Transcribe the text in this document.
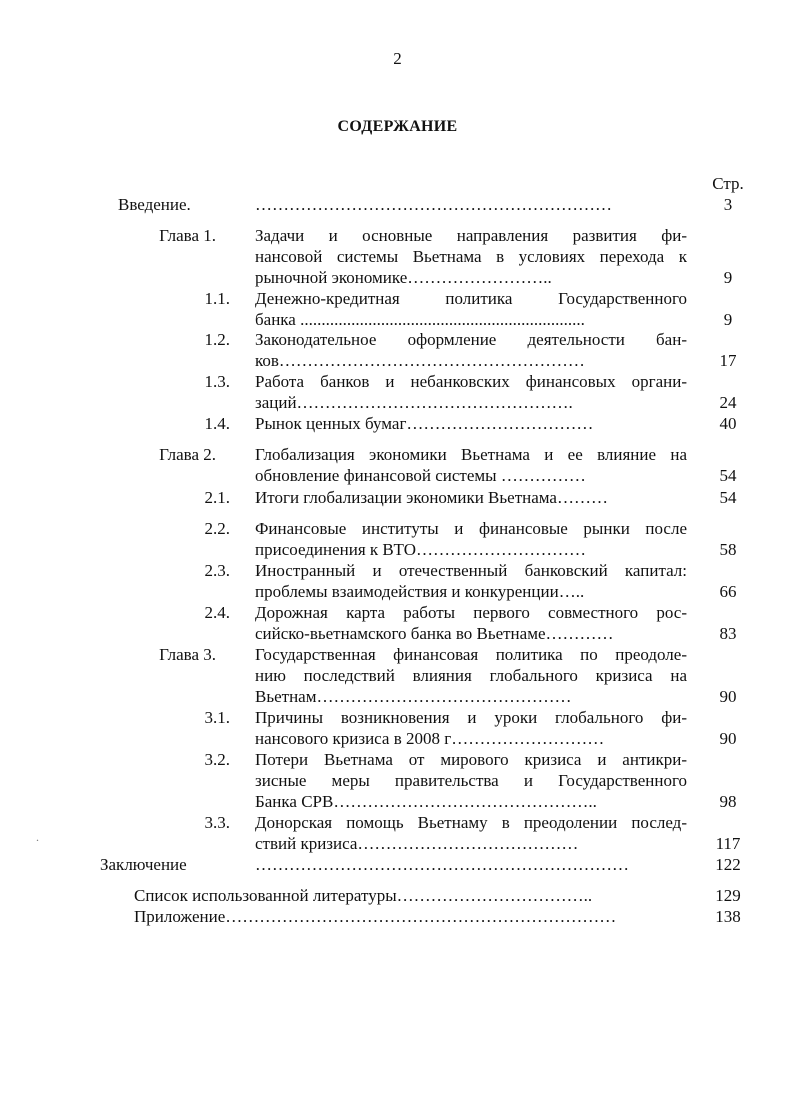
2
СОДЕРЖАНИЕ
Стр.
Введение.	………………………………………………………	3
Глава 1. Задачи и основные направления развития фи-
нансовой системы Вьетнама в условиях перехода к
рыночной экономике……………………..	9
1.1. Денежно-кредитная политика Государственного
банка ...................................................................	9
1.2. Законодательное оформление деятельности бан-
ков………………………………………………	17
1.3. Работа банков и небанковских финансовых органи-
заций………………………………………….	24
1.4. Рынок ценных бумаг……………………………	40
Глава 2. Глобализация экономики Вьетнама и ее влияние на
обновление финансовой системы ……………	54
2.1. Итоги глобализации экономики Вьетнама………	54
2.2. Финансовые институты и финансовые рынки после
присоединения к ВТО…………………………	58
2.3. Иностранный и отечественный банковский капитал:
проблемы взаимодействия и конкуренции…..	66
2.4. Дорожная карта работы первого совместного рос-
сийско-вьетнамского банка во Вьетнаме…………	83
Глава 3. Государственная финансовая политика по преодоле-
нию последствий влияния глобального кризиса на
Вьетнам………………………………………	90
3.1. Причины возникновения и уроки глобального фи-
нансового кризиса в 2008 г………………………	90
3.2. Потери Вьетнама от мирового кризиса и антикри-
зисные меры правительства и Государственного
Банка СРВ………………………………………..	98
3.3. Донорская помощь Вьетнаму в преодолении послед-
ствий кризиса…………………………………	117
Заключение	…………………………………………………………	122
Список использованной литературы……………………………..	129
Приложение……………………………………………………………	138
.
